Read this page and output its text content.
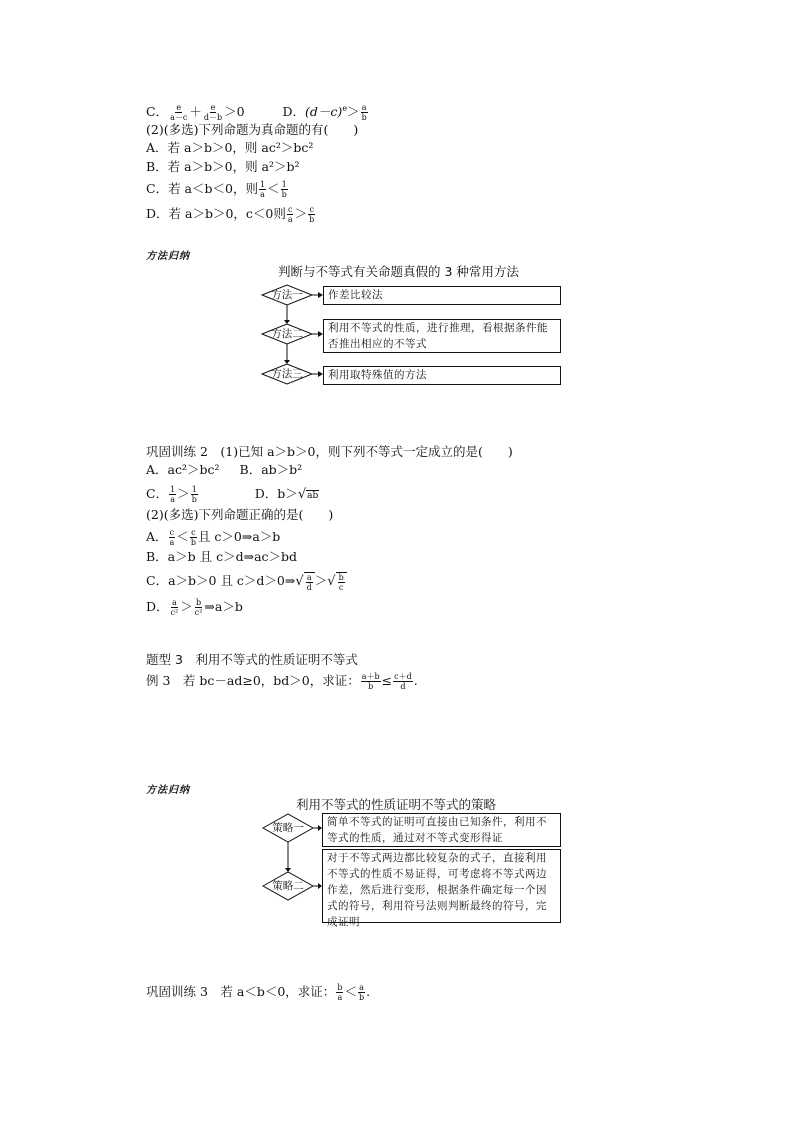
C． $\frac{e}{a-c} + \frac{e}{d-b} >0$	D．$(d-c)^e> \frac{a}{b}$
(2)(多选)下列命题为真命题的有(　　)
A．若 a＞b＞0，则 ac²＞bc²
B．若 a＞b＞0，则 a²＞b²
C．若 a＜b＜0，则 $\frac{1}{a} < \frac{1}{b}$
D．若 a＞b＞0，c＜0则 $\frac{c}{a} > \frac{c}{b}$
方法归纳
判断与不等式有关命题真假的 3 种常用方法
方法一
方法二
方法三
作差比较法
利用不等式的性质，进行推理，看根据条件能否推出相应的不等式
利用取特殊值的方法
巩固训练 2　(1)已知 a＞b＞0，则下列不等式一定成立的是(　　)
A．ac²＞bc² B．ab＞b²
C． $\frac{1}{a} > \frac{1}{b}$	D．b＞√ab
(2)(多选)下列命题正确的是(　　)
A． $\frac{c}{a} < \frac{c}{b}$ 且 c＞0⇒a＞b
B．a＞b 且 c＞d⇒ac＞bd
C．a＞b＞0 且 c＞d＞0⇒√ $\frac{a}{d}$ ＞√ $\frac{b}{c}$
D． $\frac{a}{\text{c²}} > \frac{b}{\text{c²}}$ ⇒a＞b
题型 3　利用不等式的性质证明不等式
例 3　若 bc－ad≥0，bd＞0，求证： $\frac{a+b}{b} \le \frac{c+d}{d}$ .
方法归纳
利用不等式的性质证明不等式的策略
策略一
策略二
简单不等式的证明可直接由已知条件，利用不等式的性质，通过对不等式变形得证
对于不等式两边都比较复杂的式子，直接利用不等式的性质不易证得，可考虑将不等式两边作差，然后进行变形，根据条件确定每一个因式的符号，利用符号法则判断最终的符号，完成证明
巩固训练 3　若 a＜b＜0，求证： $\frac{b}{a} < \frac{a}{b}$ .
